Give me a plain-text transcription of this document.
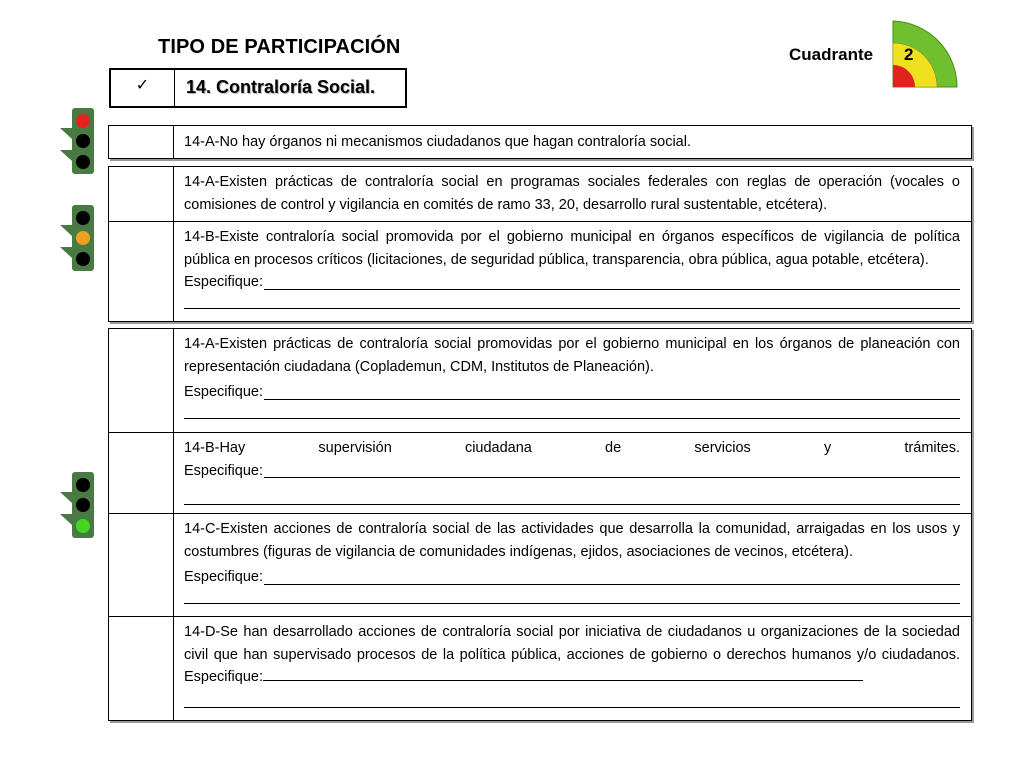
TIPO DE PARTICIPACIÓN	Cuadrante 2
✓	14. Contraloría Social.

14-A-No hay órganos ni mecanismos ciudadanos que hagan contraloría social.

14-A-Existen prácticas de contraloría social en programas sociales federales con reglas de operación (vocales o comisiones de control y vigilancia en comités de ramo 33, 20, desarrollo rural sustentable, etcétera).

14-B-Existe contraloría social promovida por el gobierno municipal en órganos específicos de vigilancia de política pública en procesos críticos (licitaciones, de seguridad pública, transparencia, obra pública, agua potable, etcétera).

Especifique:

14-A-Existen prácticas de contraloría social promovidas por el gobierno municipal en los órganos de planeación con representación ciudadana (Coplademun, CDM, Institutos de Planeación).

Especifique:

14-B-Hay supervisión ciudadana de servicios y trámites.

Especifique:

14-C-Existen acciones de contraloría social de las actividades que desarrolla la comunidad, arraigadas en los usos y costumbres (figuras de vigilancia de comunidades indígenas, ejidos, asociaciones de vecinos, etcétera).

Especifique:

14-D-Se han desarrollado acciones de contraloría social por iniciativa de ciudadanos u organizaciones de la sociedad civil que han supervisado procesos de la política pública, acciones de gobierno o derechos humanos y/o ciudadanos. Especifique:
